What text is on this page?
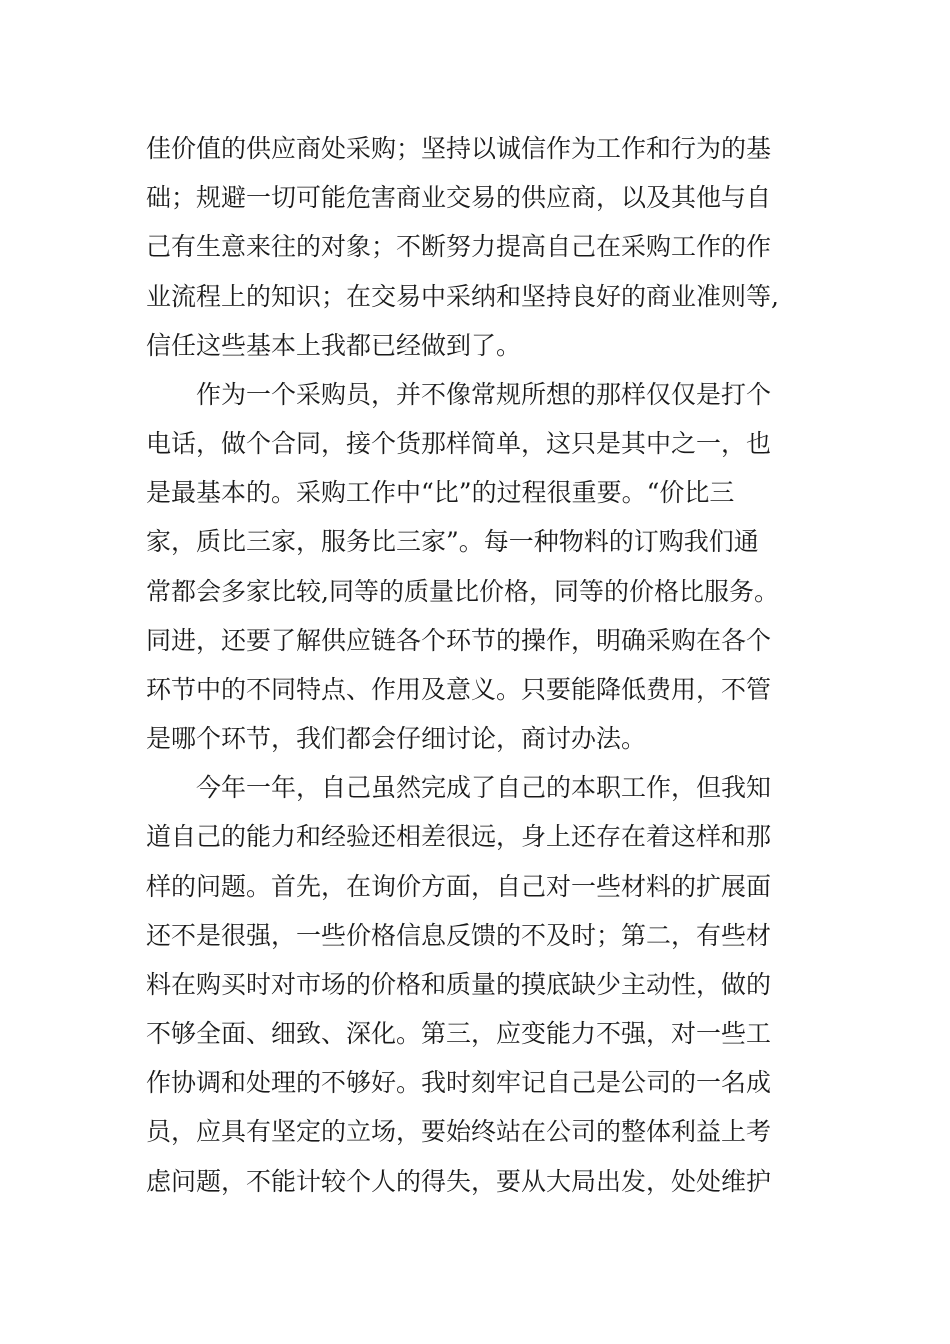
佳价值的供应商处采购；坚持以诚信作为工作和行为的基
础；规避一切可能危害商业交易的供应商，以及其他与自
己有生意来往的对象；不断努力提高自己在采购工作的作
业流程上的知识；在交易中采纳和坚持良好的商业准则等,
信任这些基本上我都已经做到了。
作为一个采购员，并不像常规所想的那样仅仅是打个
电话，做个合同，接个货那样简单，这只是其中之一，也
是最基本的。采购工作中“比”的过程很重要。“价比三
家，质比三家，服务比三家”。每一种物料的订购我们通
常都会多家比较,同等的质量比价格，同等的价格比服务。
同进，还要了解供应链各个环节的操作，明确采购在各个
环节中的不同特点、作用及意义。只要能降低费用，不管
是哪个环节，我们都会仔细讨论，商讨办法。
今年一年，自己虽然完成了自己的本职工作，但我知
道自己的能力和经验还相差很远，身上还存在着这样和那
样的问题。首先，在询价方面，自己对一些材料的扩展面
还不是很强，一些价格信息反馈的不及时；第二，有些材
料在购买时对市场的价格和质量的摸底缺少主动性，做的
不够全面、细致、深化。第三，应变能力不强，对一些工
作协调和处理的不够好。我时刻牢记自己是公司的一名成
员，应具有坚定的立场，要始终站在公司的整体利益上考
虑问题，不能计较个人的得失，要从大局出发，处处维护
